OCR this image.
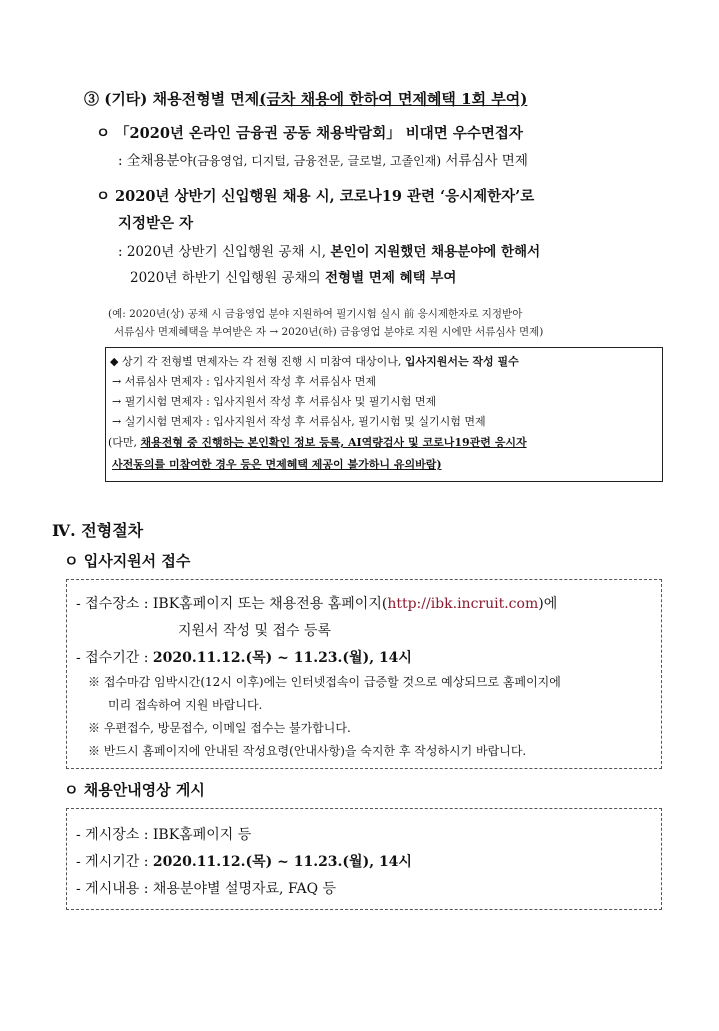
③ (기타) 채용전형별 면제(금차 채용에 한하여 면제혜택 1회 부여)
ㅇ 「2020년 온라인 금융권 공동 채용박람회」 비대면 우수면접자
: 全채용분야(금융영업, 디지털, 금융전문, 글로벌, 고졸인재) 서류심사 면제
ㅇ 2020년 상반기 신입행원 채용 시, 코로나19 관련 ‘응시제한자’로
지정받은 자
: 2020년 상반기 신입행원 공채 시, 본인이 지원했던 채용분야에 한해서
2020년 하반기 신입행원 공채의 전형별 면제 혜택 부여
(예: 2020년(상) 공채 시 금융영업 분야 지원하여 필기시험 실시 前 응시제한자로 지정받아
서류심사 면제혜택을 부여받은 자 → 2020년(하) 금융영업 분야로 지원 시에만 서류심사 면제)
◆ 상기 각 전형별 면제자는 각 전형 진행 시 미참여 대상이나, 입사지원서는 작성 필수
→ 서류심사 면제자 : 입사지원서 작성 후 서류심사 면제
→ 필기시험 면제자 : 입사지원서 작성 후 서류심사 및 필기시험 면제
→ 실기시험 면제자 : 입사지원서 작성 후 서류심사, 필기시험 및 실기시험 면제
(다만, 채용전형 중 진행하는 본인확인 정보 등록, AI역량검사 및 코로나19관련 응시자
사전동의를 미참여한 경우 등은 면제혜택 제공이 불가하니 유의바람)
Ⅳ. 전형절차
ㅇ 입사지원서 접수
- 접수장소 : IBK홈페이지 또는 채용전용 홈페이지(http://ibk.incruit.com)에
지원서 작성 및 접수 등록
- 접수기간 : 2020.11.12.(목) ~ 11.23.(월), 14시
※ 접수마감 임박시간(12시 이후)에는 인터넷접속이 급증할 것으로 예상되므로 홈페이지에
미리 접속하여 지원 바랍니다.
※ 우편접수, 방문접수, 이메일 접수는 불가합니다.
※ 반드시 홈페이지에 안내된 작성요령(안내사항)을 숙지한 후 작성하시기 바랍니다.
ㅇ 채용안내영상 게시
- 게시장소 : IBK홈페이지 등
- 게시기간 : 2020.11.12.(목) ~ 11.23.(월), 14시
- 게시내용 : 채용분야별 설명자료, FAQ 등
